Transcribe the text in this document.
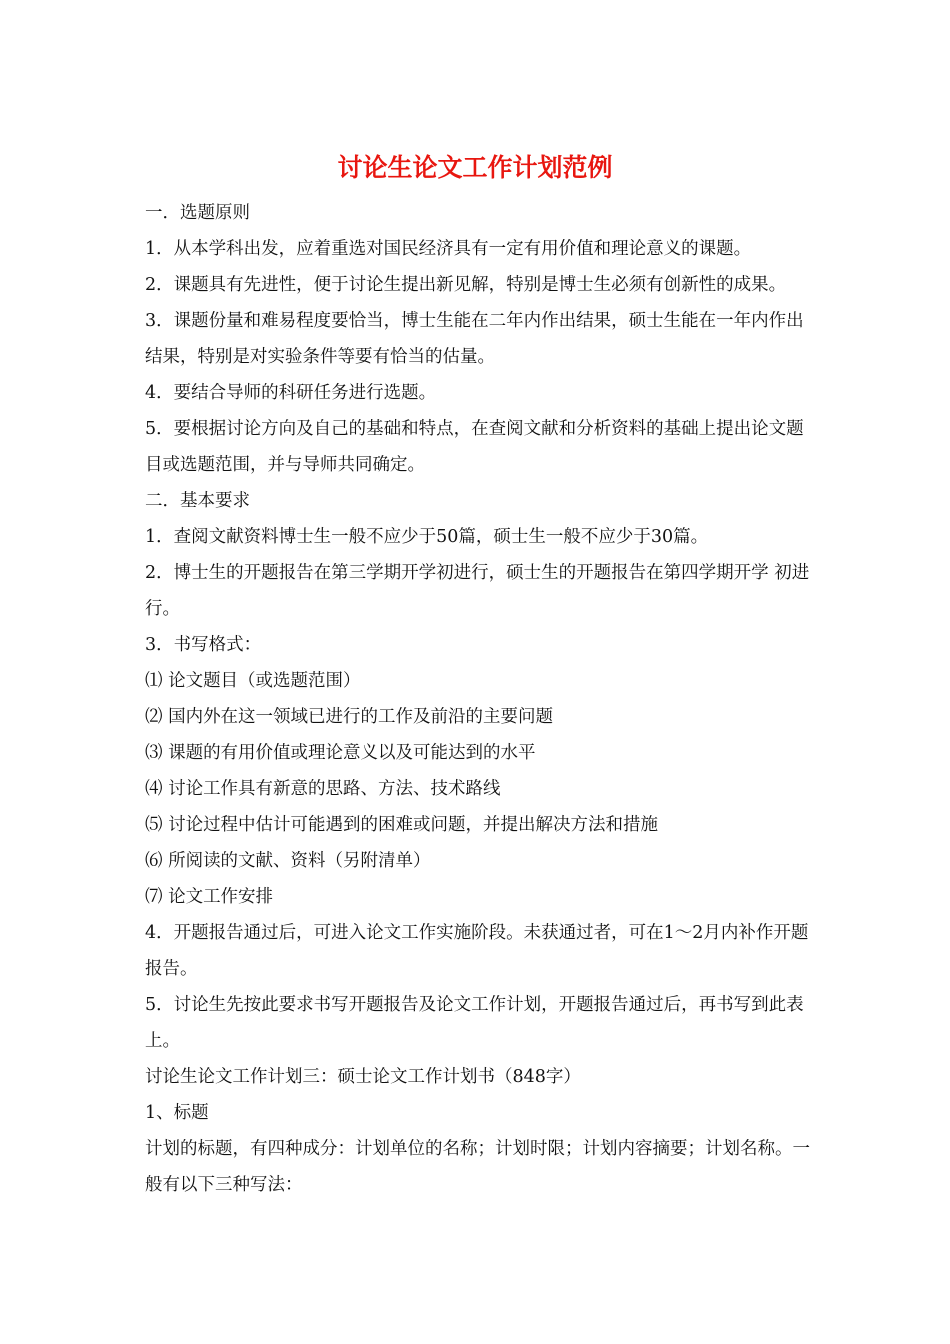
讨论生论文工作计划范例

一．选题原则

1．从本学科出发，应着重选对国民经济具有一定有用价值和理论意义的课题。

2．课题具有先进性，便于讨论生提出新见解，特别是博士生必须有创新性的成果。

3．课题份量和难易程度要恰当，博士生能在二年内作出结果，硕士生能在一年内作出结果，特别是对实验条件等要有恰当的估量。

4．要结合导师的科研任务进行选题。

5．要根据讨论方向及自己的基础和特点，在查阅文献和分析资料的基础上提出论文题目或选题范围，并与导师共同确定。

二．基本要求

1．查阅文献资料博士生一般不应少于50篇，硕士生一般不应少于30篇。

2．博士生的开题报告在第三学期开学初进行，硕士生的开题报告在第四学期开学 初进行。

3．书写格式：

⑴ 论文题目（或选题范围）

⑵ 国内外在这一领域已进行的工作及前沿的主要问题

⑶ 课题的有用价值或理论意义以及可能达到的水平

⑷ 讨论工作具有新意的思路、方法、技术路线

⑸ 讨论过程中估计可能遇到的困难或问题，并提出解决方法和措施

⑹ 所阅读的文献、资料（另附清单）

⑺ 论文工作安排

4．开题报告通过后，可进入论文工作实施阶段。未获通过者，可在1～2月内补作开题报告。

5．讨论生先按此要求书写开题报告及论文工作计划，开题报告通过后，再书写到此表上。

讨论生论文工作计划三：硕士论文工作计划书（848字）

1、标题

计划的标题，有四种成分：计划单位的名称；计划时限；计划内容摘要；计划名称。一般有以下三种写法：
